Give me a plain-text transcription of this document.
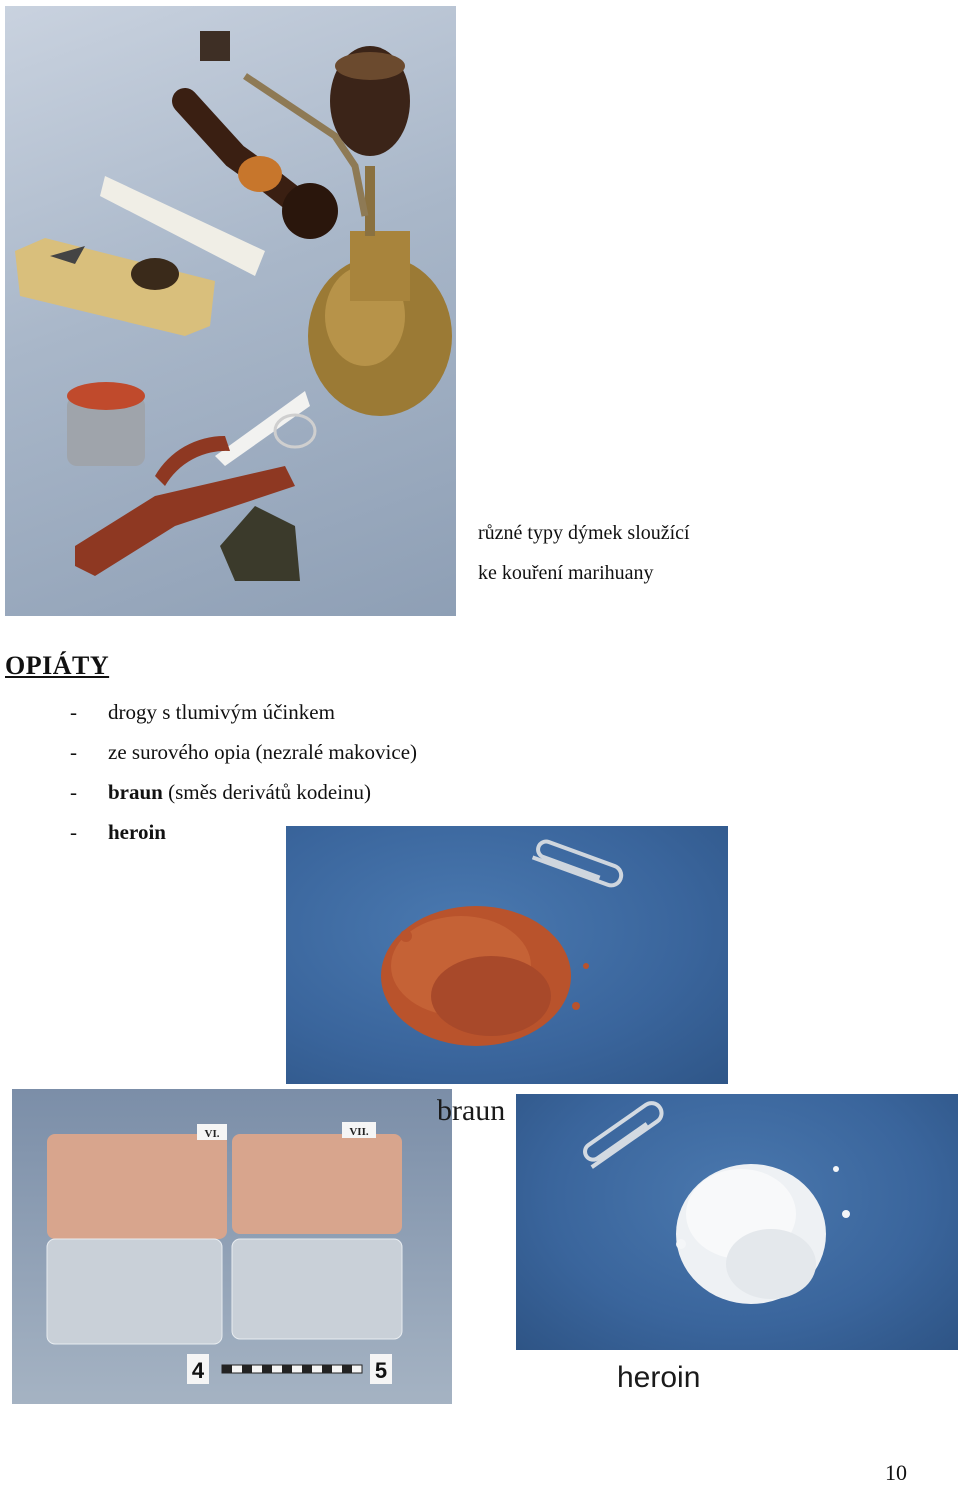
různé typy dýmek sloužící
ke kouření marihuany
OPIÁTY
-	drogy s tlumivým účinkem
-	ze surového opia (nezralé makovice)
-	braun (směs derivátů kodeinu)
-	heroin
VI.	VII.
4	5
braun
heroin
10
